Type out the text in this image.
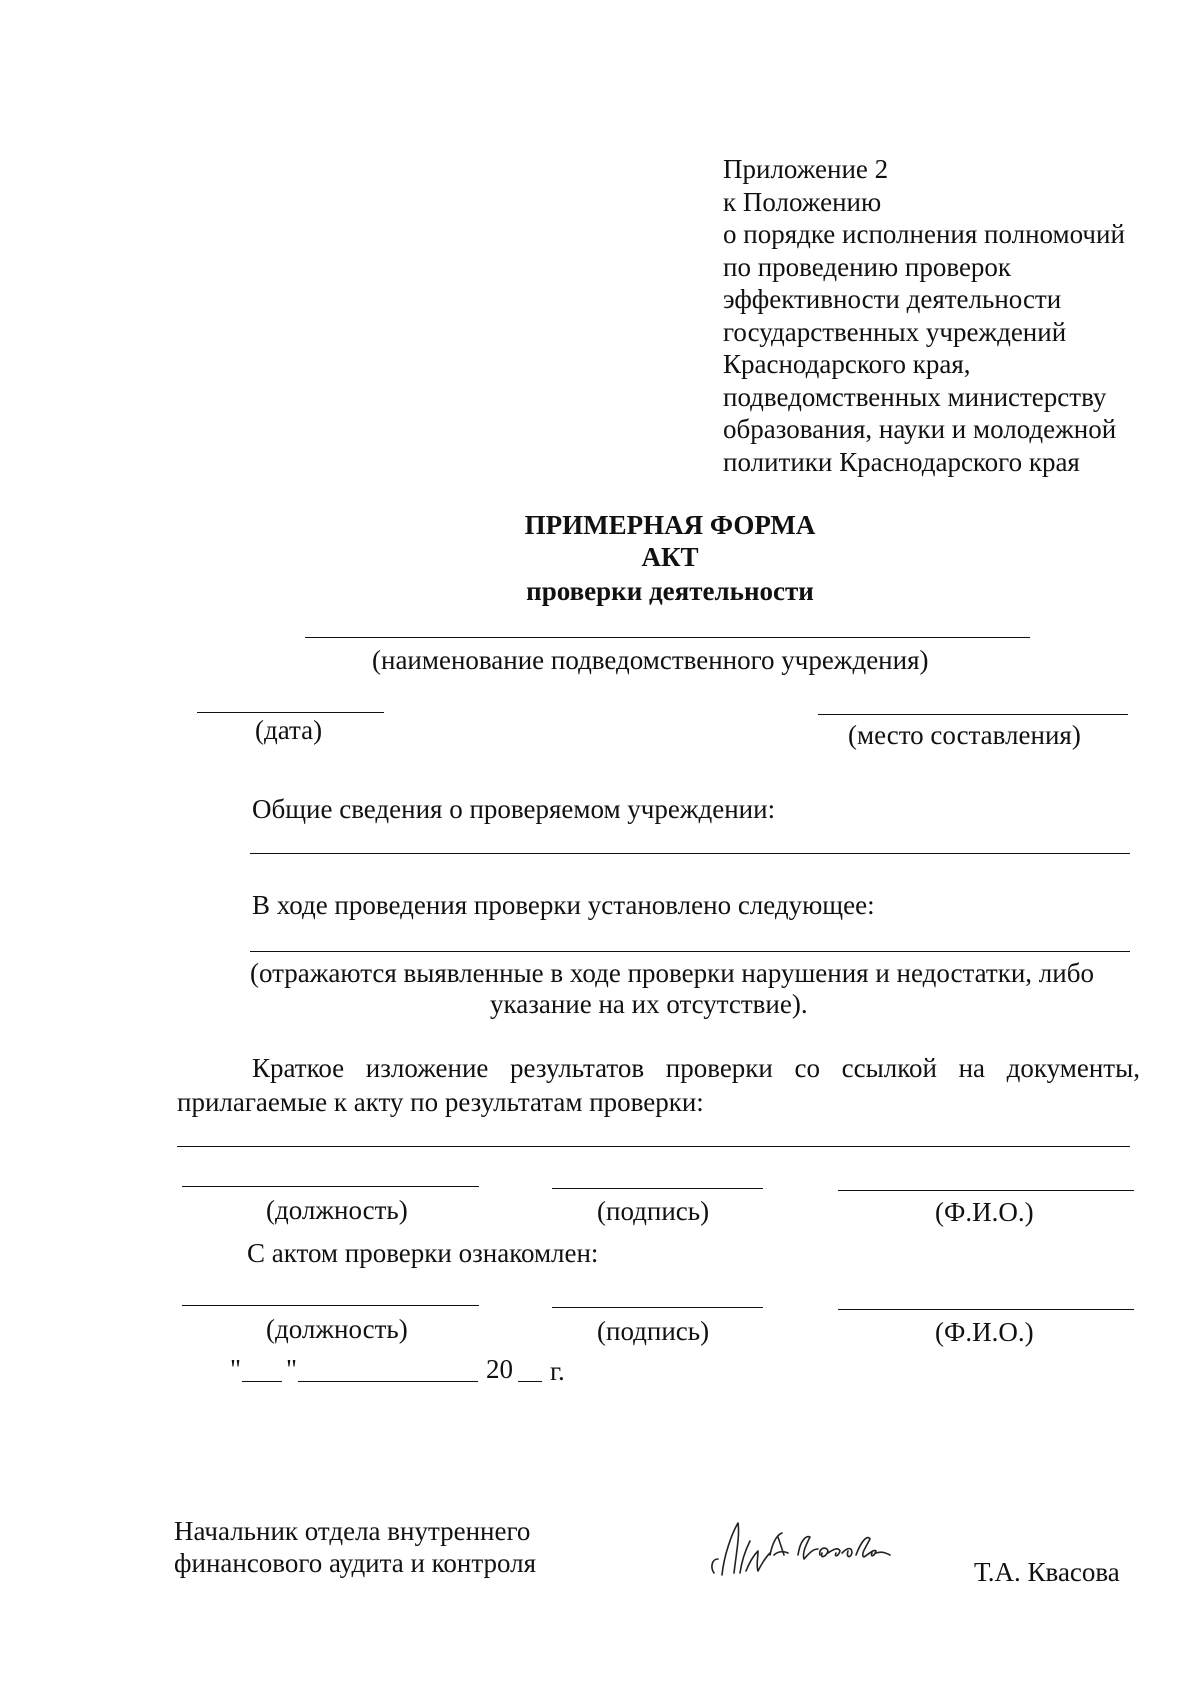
Приложение 2
к Положению
о порядке исполнения полномочий
по проведению проверок
эффективности деятельности
государственных учреждений
Краснодарского края,
подведомственных министерству
образования, науки и молодежной
политики Краснодарского края
ПРИМЕРНАЯ ФОРМА
АКТ
проверки деятельности
(наименование подведомственного учреждения)
(дата)	(место составления)
Общие сведения о проверяемом учреждении:
В ходе проведения проверки установлено следующее:
(отражаются выявленные в ходе проверки нарушения и недостатки, либо
указание на их отсутствие).
Краткое изложение результатов проверки со ссылкой на документы,
прилагаемые к акту по результатам проверки:
(должность)	(подпись)	(Ф.И.О.)
С актом проверки ознакомлен:
(должность)	(подпись)	(Ф.И.О.)
" "	20 г.
Начальник отдела внутреннего
финансового аудита и контроля	Т.А. Квасова
